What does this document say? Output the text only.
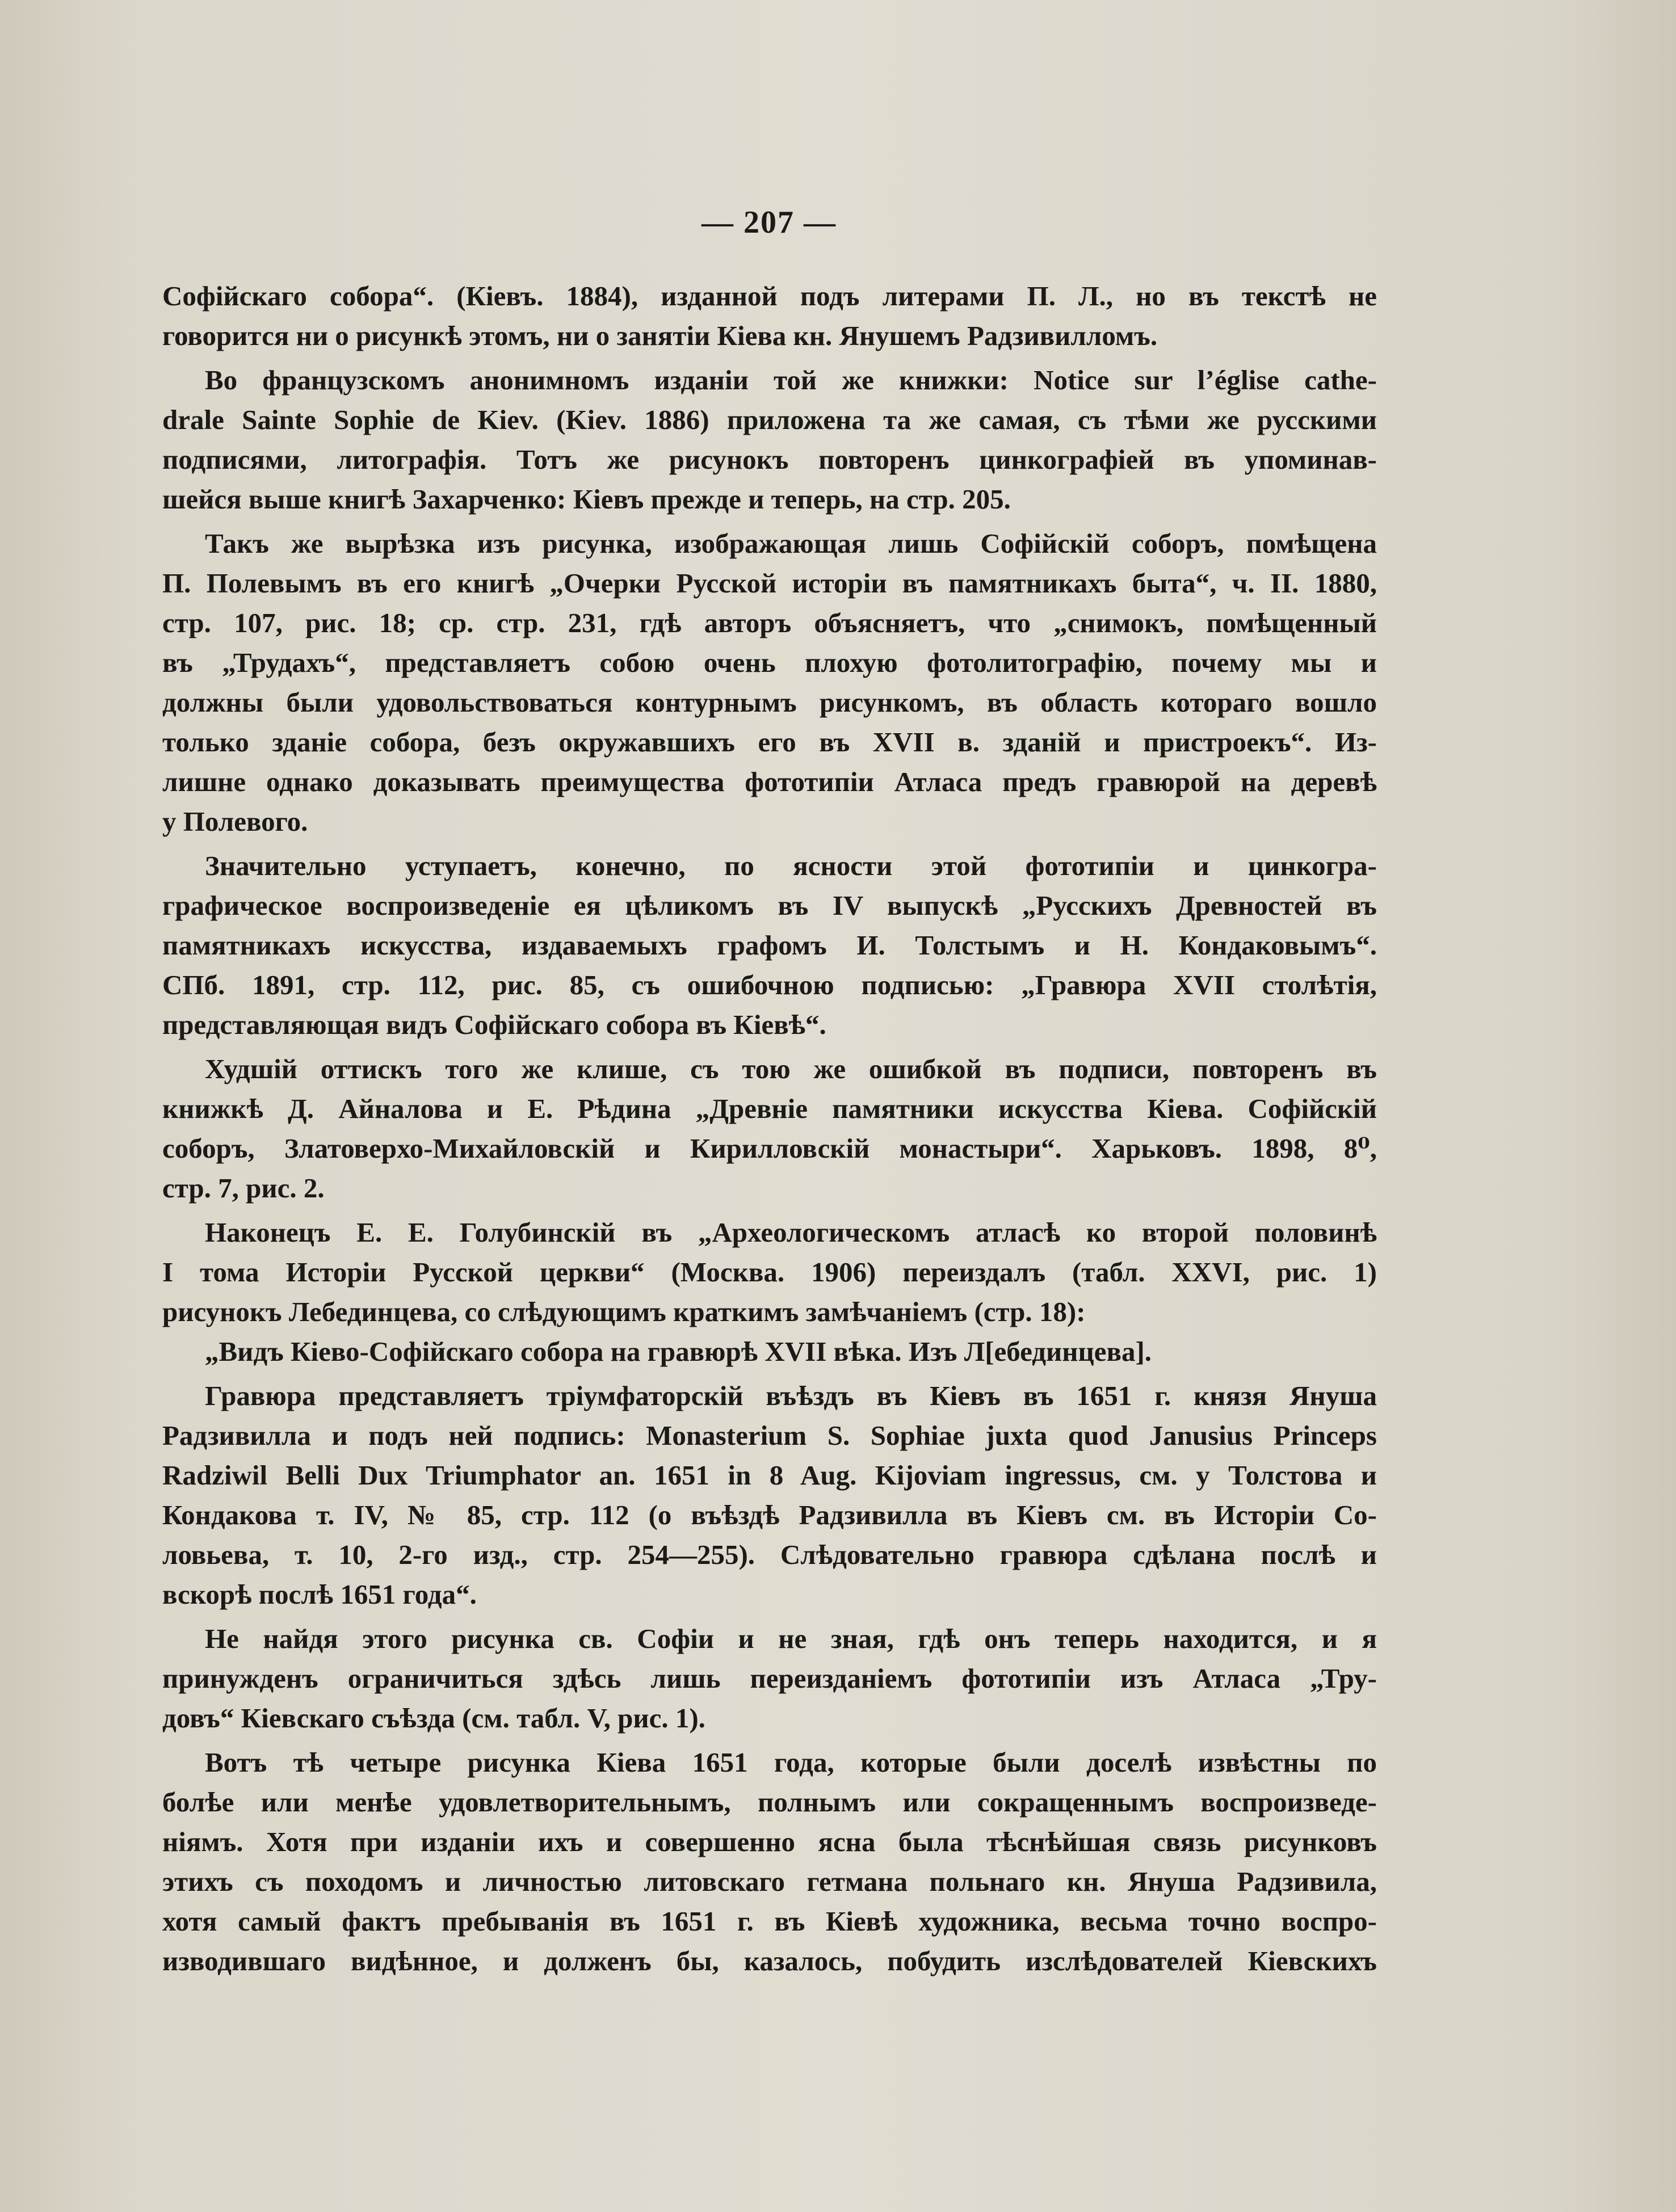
— 207 —
Софійскаго собора“. (Кіевъ. 1884), изданной подъ литерами П. Л., но въ текстѣ не
говорится ни о рисункѣ этомъ, ни о занятіи Кіева кн. Янушемъ Радзивилломъ.
Во французскомъ анонимномъ изданіи той же книжки: Notice sur l’église cathe-
drale Sainte Sophie de Kiev. (Kiev. 1886) приложена та же самая, съ тѣми же русскими
подписями, литографія. Тотъ же рисунокъ повторенъ цинкографіей въ упоминав-
шейся выше книгѣ Захарченко: Кіевъ прежде и теперь, на стр. 205.
Такъ же вырѣзка изъ рисунка, изображающая лишь Софійскій соборъ, помѣщена
П. Полевымъ въ его книгѣ „Очерки Русской исторіи въ памятникахъ быта“, ч. II. 1880,
стр. 107, рис. 18; ср. стр. 231, гдѣ авторъ объясняетъ, что „снимокъ, помѣщенный
въ „Трудахъ“, представляетъ собою очень плохую фотолитографію, почему мы и
должны были удовольствоваться контурнымъ рисункомъ, въ область котораго вошло
только зданіе собора, безъ окружавшихъ его въ XVII в. зданій и пристроекъ“. Из-
лишне однако доказывать преимущества фототипіи Атласа предъ гравюрой на деревѣ
у Полевого.
Значительно уступаетъ, конечно, по ясности этой фототипіи и цинкогра-
графическое воспроизведеніе ея цѣликомъ въ IV выпускѣ „Русскихъ Древностей въ
памятникахъ искусства, издаваемыхъ графомъ И. Толстымъ и Н. Кондаковымъ“.
СПб. 1891, стр. 112, рис. 85, съ ошибочною подписью: „Гравюра XVII столѣтія,
представляющая видъ Софійскаго собора въ Кіевѣ“.
Худшій оттискъ того же клише, съ тою же ошибкой въ подписи, повторенъ въ
книжкѣ Д. Айналова и Е. Рѣдина „Древніе памятники искусства Кіева. Софійскій
соборъ, Златоверхо-Михайловскій и Кирилловскій монастыри“. Харьковъ. 1898, 8⁰,
стр. 7, рис. 2.
Наконецъ Е. Е. Голубинскій въ „Археологическомъ атласѣ ко второй половинѣ
I тома Исторіи Русской церкви“ (Москва. 1906) переиздалъ (табл. XXVI, рис. 1)
рисунокъ Лебединцева, со слѣдующимъ краткимъ замѣчаніемъ (стр. 18):
„Видъ Кіево-Софійскаго собора на гравюрѣ XVII вѣка. Изъ Л[ебединцева].
Гравюра представляетъ тріумфаторскій въѣздъ въ Кіевъ въ 1651 г. князя Януша
Радзивилла и подъ ней подпись: Monasterium S. Sophiae juxta quod Janusius Princeps
Radziwil Belli Dux Triumphator an. 1651 in 8 Aug. Kijoviam ingressus, см. у Толстова и
Кондакова т. IV, № 85, стр. 112 (о въѣздѣ Радзивилла въ Кіевъ см. въ Исторіи Со-
ловьева, т. 10, 2-го изд., стр. 254—255). Слѣдовательно гравюра сдѣлана послѣ и
вскорѣ послѣ 1651 года“.
Не найдя этого рисунка св. Софіи и не зная, гдѣ онъ теперь находится, и я
принужденъ ограничиться здѣсь лишь переизданіемъ фототипіи изъ Атласа „Тру-
довъ“ Кіевскаго съѣзда (см. табл. V, рис. 1).
Вотъ тѣ четыре рисунка Кіева 1651 года, которые были доселѣ извѣстны по
болѣе или менѣе удовлетворительнымъ, полнымъ или сокращеннымъ воспроизведе-
ніямъ. Хотя при изданіи ихъ и совершенно ясна была тѣснѣйшая связь рисунковъ
этихъ съ походомъ и личностью литовскаго гетмана польнаго кн. Януша Радзивила,
хотя самый фактъ пребыванія въ 1651 г. въ Кіевѣ художника, весьма точно воспро-
изводившаго видѣнное, и долженъ бы, казалось, побудить изслѣдователей Кіевскихъ
